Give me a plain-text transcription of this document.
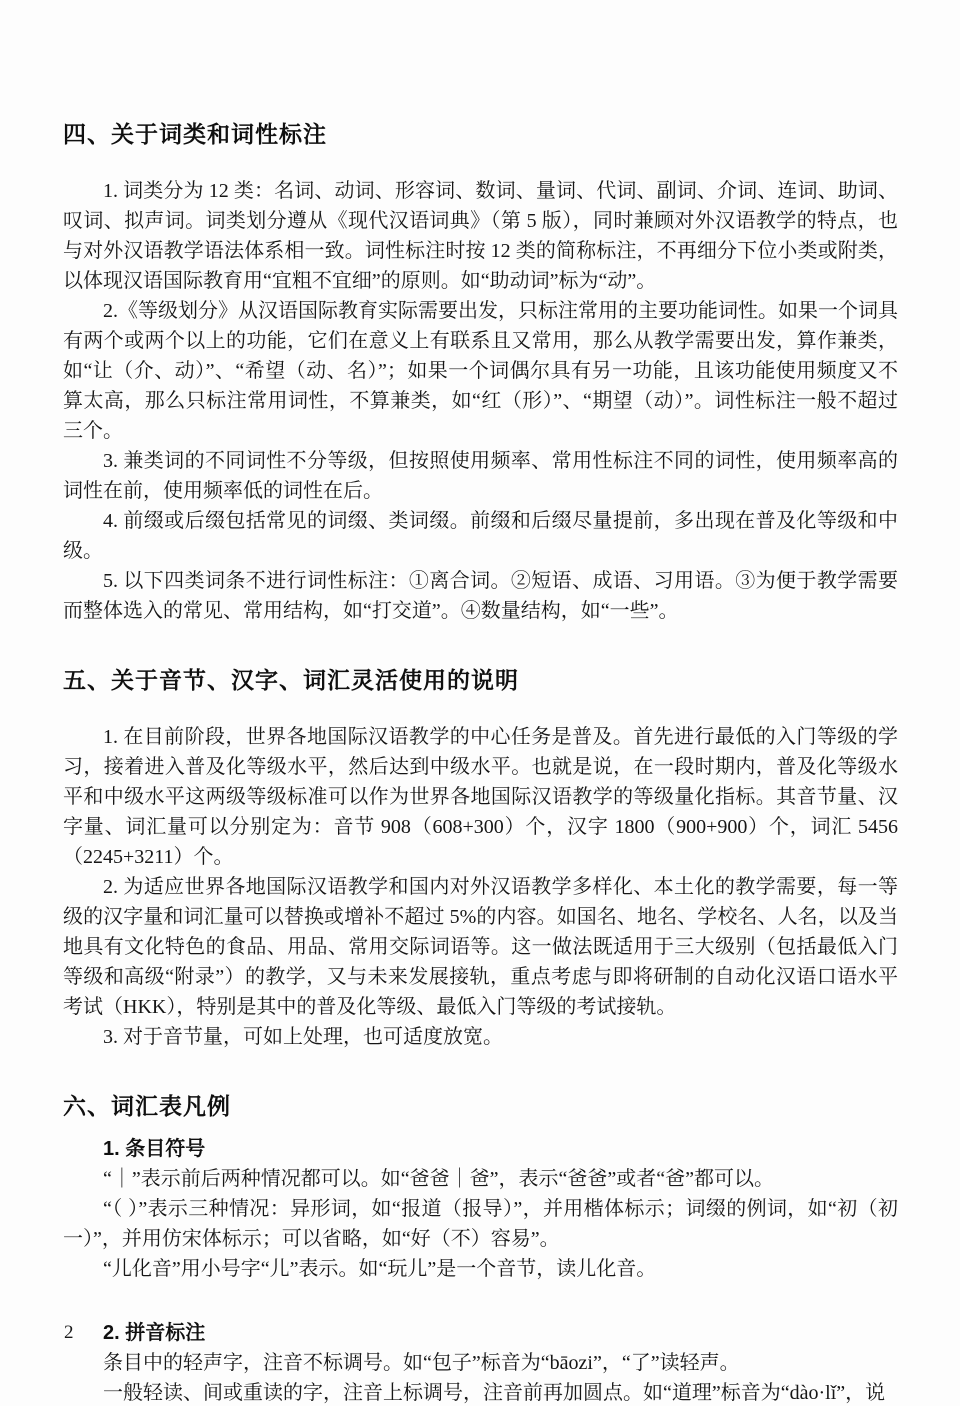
四、关于词类和词性标注

1. 词类分为 12 类：名词、动词、形容词、数词、量词、代词、副词、介词、连词、助词、叹词、拟声词。词类划分遵从《现代汉语词典》（第 5 版），同时兼顾对外汉语教学的特点，也与对外汉语教学语法体系相一致。词性标注时按 12 类的简称标注，不再细分下位小类或附类，以体现汉语国际教育用“宜粗不宜细”的原则。如“助动词”标为“动”。

2.《等级划分》从汉语国际教育实际需要出发，只标注常用的主要功能词性。如果一个词具有两个或两个以上的功能，它们在意义上有联系且又常用，那么从教学需要出发，算作兼类，如“让（介、动）”、“希望（动、名）”；如果一个词偶尔具有另一功能，且该功能使用频度又不算太高，那么只标注常用词性，不算兼类，如“红（形）”、“期望（动）”。词性标注一般不超过三个。

3. 兼类词的不同词性不分等级，但按照使用频率、常用性标注不同的词性，使用频率高的词性在前，使用频率低的词性在后。

4. 前缀或后缀包括常见的词缀、类词缀。前缀和后缀尽量提前，多出现在普及化等级和中级。

5. 以下四类词条不进行词性标注：①离合词。②短语、成语、习用语。③为便于教学需要而整体选入的常见、常用结构，如“打交道”。④数量结构，如“一些”。

五、关于音节、汉字、词汇灵活使用的说明

1. 在目前阶段，世界各地国际汉语教学的中心任务是普及。首先进行最低的入门等级的学习，接着进入普及化等级水平，然后达到中级水平。也就是说，在一段时期内，普及化等级水平和中级水平这两级等级标准可以作为世界各地国际汉语教学的等级量化指标。其音节量、汉字量、词汇量可以分别定为：音节 908（608+300）个，汉字 1800（900+900）个，词汇 5456（2245+3211）个。

2. 为适应世界各地国际汉语教学和国内对外汉语教学多样化、本土化的教学需要，每一等级的汉字量和词汇量可以替换或增补不超过 5%的内容。如国名、地名、学校名、人名，以及当地具有文化特色的食品、用品、常用交际词语等。这一做法既适用于三大级别（包括最低入门等级和高级“附录”）的教学，又与未来发展接轨，重点考虑与即将研制的自动化汉语口语水平考试（HKK），特别是其中的普及化等级、最低入门等级的考试接轨。

3. 对于音节量，可如上处理，也可适度放宽。

六、词汇表凡例
1. 条目符号

“｜”表示前后两种情况都可以。如“爸爸｜爸”，表示“爸爸”或者“爸”都可以。

“（ ）”表示三种情况：异形词，如“报道（报导）”，并用楷体标示；词缀的例词，如“初（初一）”，并用仿宋体标示；可以省略，如“好（不）容易”。

“儿化音”用小号字“儿”表示。如“玩儿”是一个音节，读儿化音。

2. 拼音标注

条目中的轻声字，注音不标调号。如“包子”标音为“bāozi”，“了”读轻声。

一般轻读、间或重读的字，注音上标调号，注音前再加圆点。如“道理”标音为“dào·lǐ”，说

2
